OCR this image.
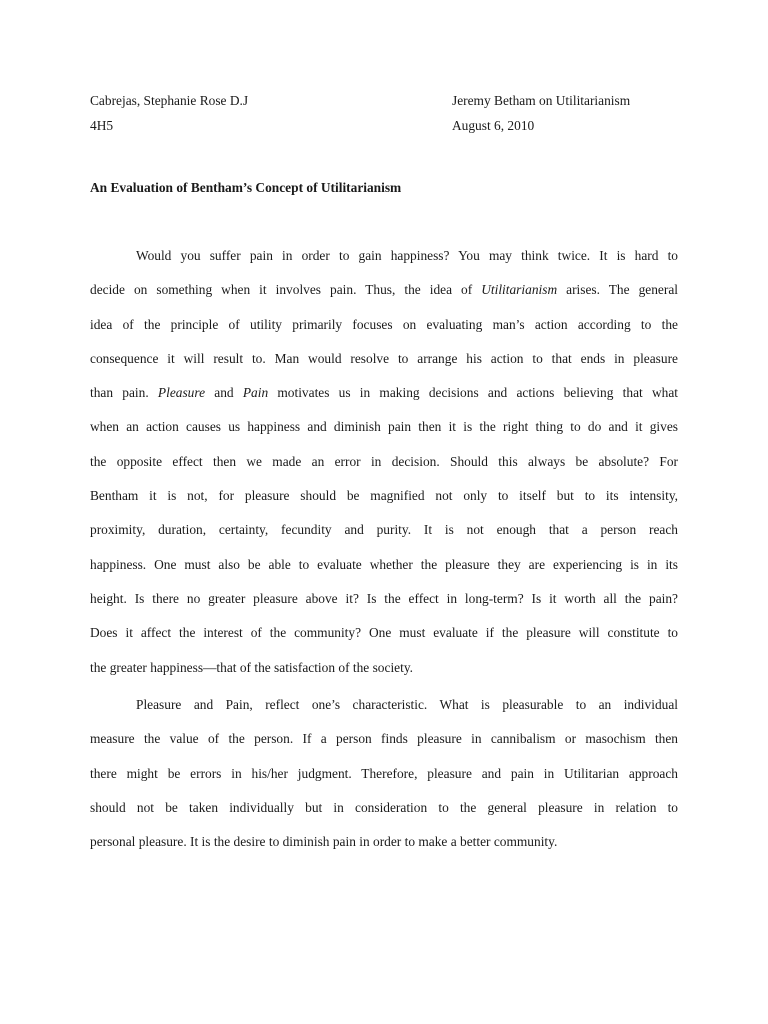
Cabrejas, Stephanie Rose D.J	Jeremy Betham on Utilitarianism
4H5	August 6, 2010
An Evaluation of Bentham’s Concept of Utilitarianism
Would you suffer pain in order to gain happiness? You may think twice. It is hard to
decide on something when it involves pain. Thus, the idea of Utilitarianism arises. The general
idea of the principle of utility primarily focuses on evaluating man’s action according to the
consequence it will result to. Man would resolve to arrange his action to that ends in pleasure
than pain. Pleasure and Pain motivates us in making decisions and actions believing that what
when an action causes us happiness and diminish pain then it is the right thing to do and it gives
the opposite effect then we made an error in decision. Should this always be absolute? For
Bentham it is not, for pleasure should be magnified not only to itself but to its intensity,
proximity, duration, certainty, fecundity and purity. It is not enough that a person reach
happiness. One must also be able to evaluate whether the pleasure they are experiencing is in its
height. Is there no greater pleasure above it? Is the effect in long-term? Is it worth all the pain?
Does it affect the interest of the community? One must evaluate if the pleasure will constitute to
the greater happiness—that of the satisfaction of the society.
Pleasure and Pain, reflect one’s characteristic. What is pleasurable to an individual
measure the value of the person. If a person finds pleasure in cannibalism or masochism then
there might be errors in his/her judgment. Therefore, pleasure and pain in Utilitarian approach
should not be taken individually but in consideration to the general pleasure in relation to
personal pleasure. It is the desire to diminish pain in order to make a better community.
